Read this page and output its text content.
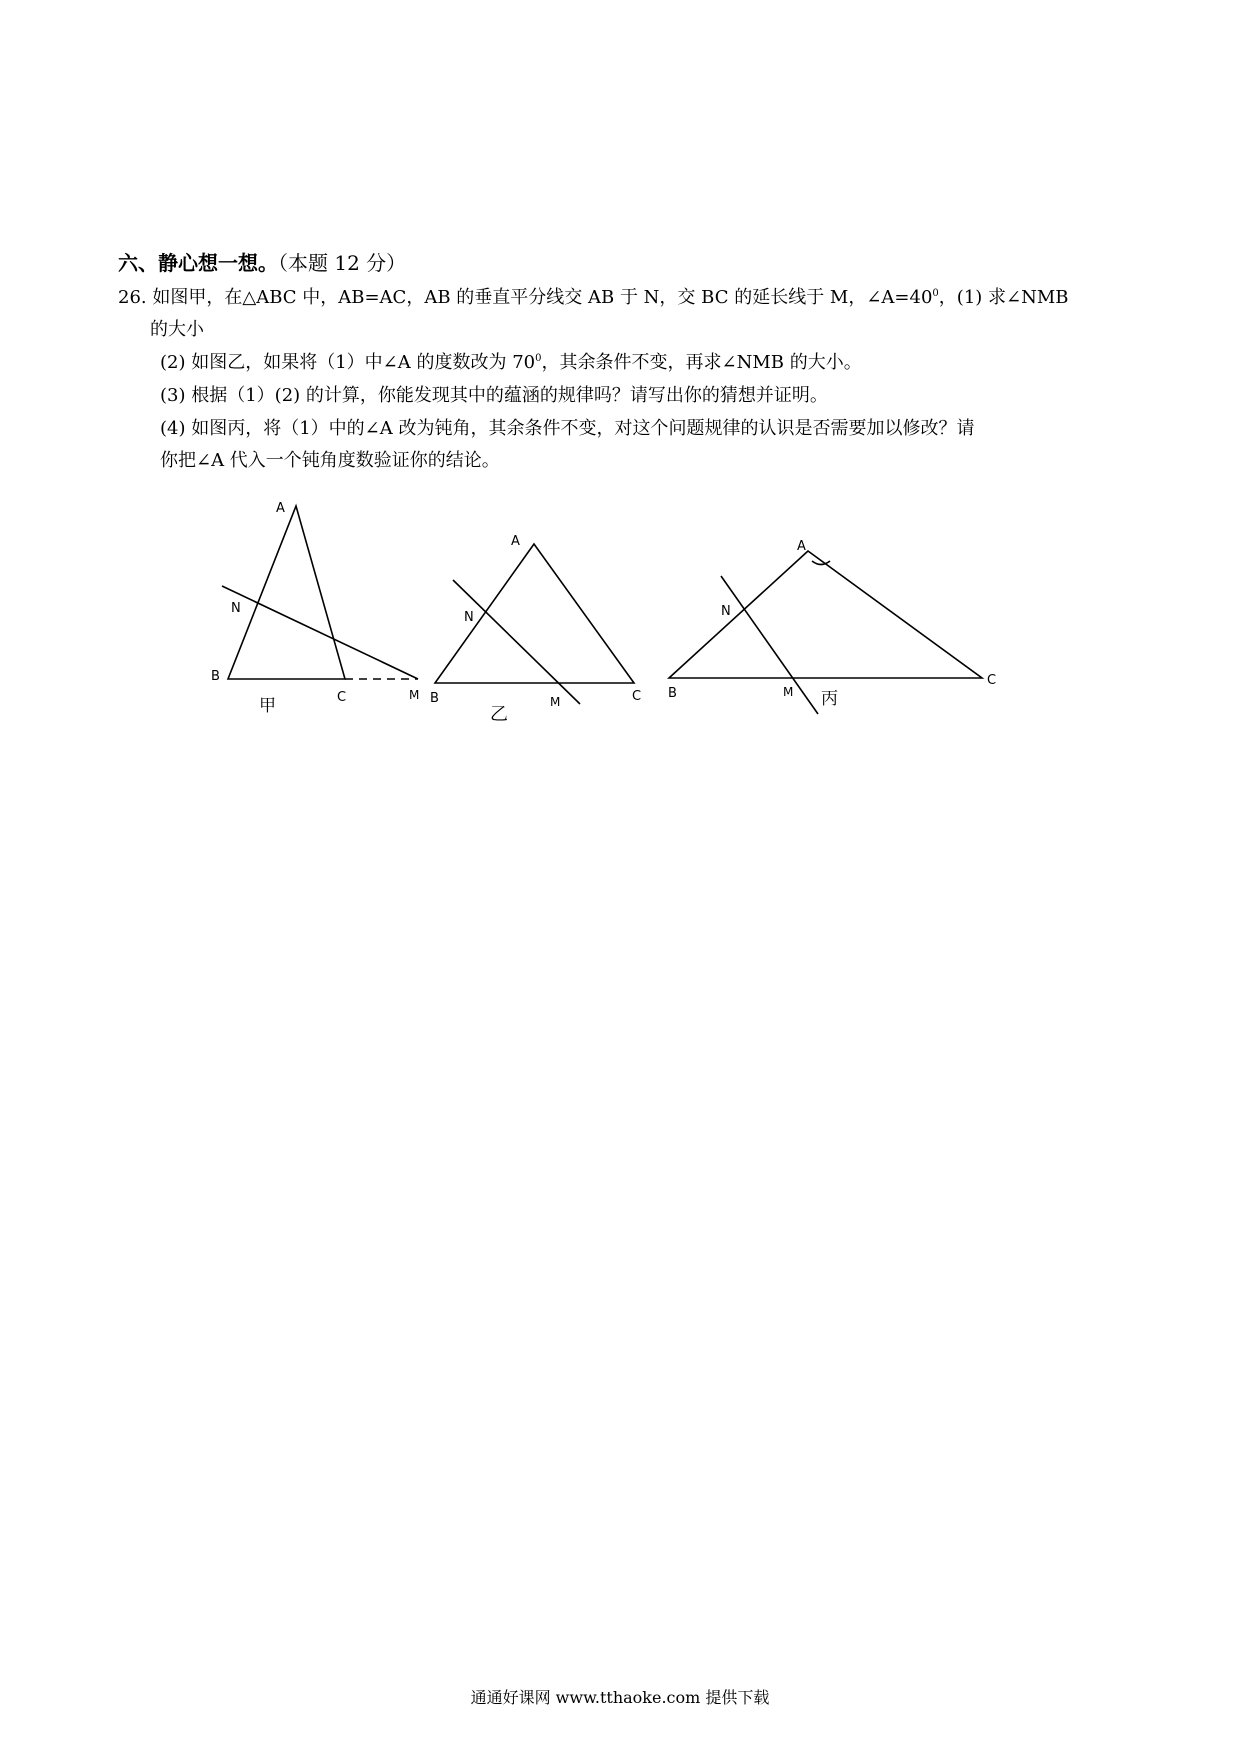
六、静心想一想。（本题 12 分）
26. 如图甲，在△ABC 中，AB=AC，AB 的垂直平分线交 AB 于 N，交 BC 的延长线于 M，$\angle A=40^0$，(1) 求∠NMB
的大小
(2) 如图乙，如果将（1）中∠A 的度数改为 $70^0$，其余条件不变，再求∠NMB 的大小。
(3) 根据（1）(2) 的计算，你能发现其中的蕴涵的规律吗？请写出你的猜想并证明。
(4) 如图丙，将（1）中的∠A 改为钝角，其余条件不变，对这个问题规律的认识是否需要加以修改？请
你把∠A 代入一个钝角度数验证你的结论。
A
N
B
C	M
甲
A
N
B	M	C
乙
A
N
B	M
C
丙
通通好课网 www.tthaoke.com 提供下载
